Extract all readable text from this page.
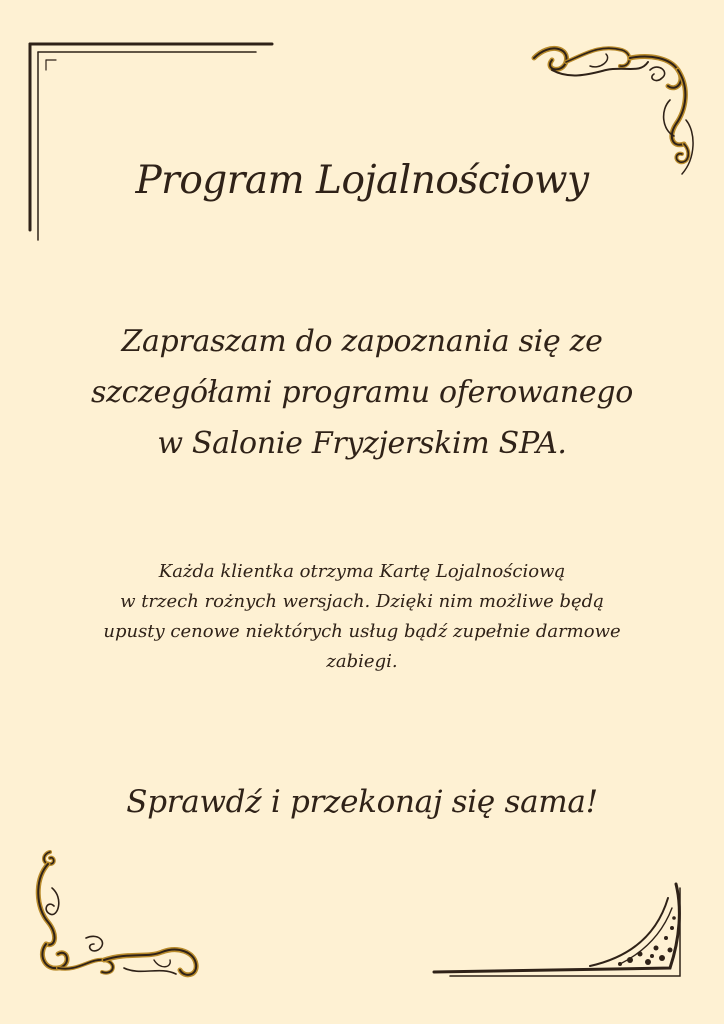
Program Lojalnościowy
Zapraszam do zapoznania się ze
szczegółami programu oferowanego
w Salonie Fryzjerskim SPA.
Każda klientka otrzyma Kartę Lojalnościową
w trzech rożnych wersjach. Dzięki nim możliwe będą
upusty cenowe niektórych usług bądź zupełnie darmowe
zabiegi.
Sprawdź i przekonaj się sama!
